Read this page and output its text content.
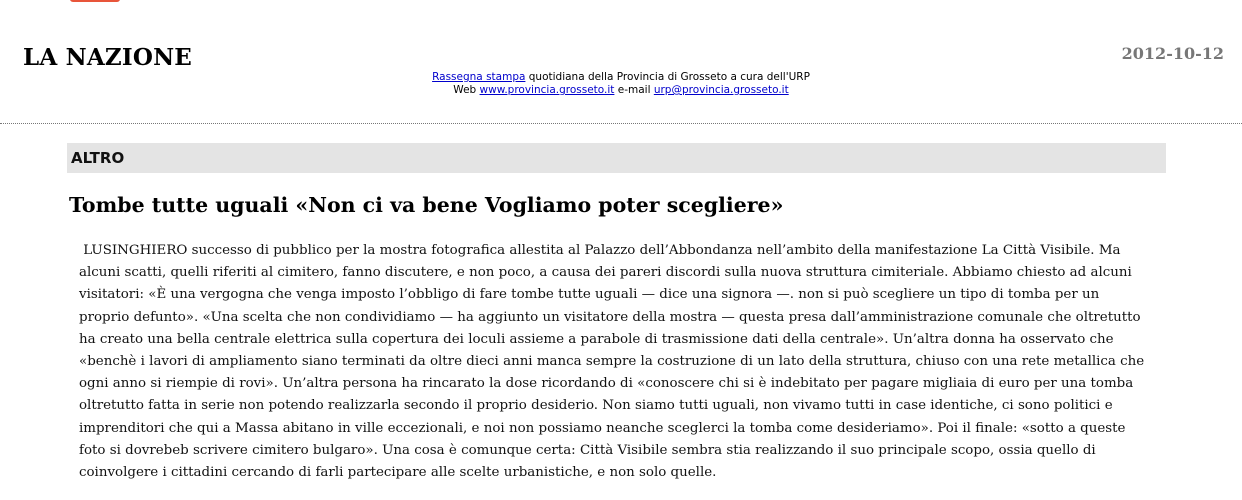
LA NAZIONE	2012-10-12
Rassegna stampa quotidiana della Provincia di Grosseto a cura dell'URP
Web www.provincia.grosseto.it e-mail urp@provincia.grosseto.it
ALTRO
Tombe tutte uguali «Non ci va bene Vogliamo poter scegliere»

LUSINGHIERO successo di pubblico per la mostra fotografica allestita al Palazzo dell’Abbondanza nell’ambito della manifestazione La Città Visibile. Ma alcuni scatti, quelli riferiti al cimitero, fanno discutere, e non poco, a causa dei pareri discordi sulla nuova struttura cimiteriale. Abbiamo chiesto ad alcuni visitatori: «È una vergogna che venga imposto l’obbligo di fare tombe tutte uguali — dice una signora —. non si può scegliere un tipo di tomba per un proprio defunto». «Una scelta che non condividiamo — ha aggiunto un visitatore della mostra — questa presa dall’amministrazione comunale che oltretutto ha creato una bella centrale elettrica sulla copertura dei loculi assieme a parabole di trasmissione dati della centrale». Un’altra donna ha osservato che «benchè i lavori di ampliamento siano terminati da oltre dieci anni manca sempre la costruzione di un lato della struttura, chiuso con una rete metallica che ogni anno si riempie di rovi». Un’altra persona ha rincarato la dose ricordando di «conoscere chi si è indebitato per pagare migliaia di euro per una tomba oltretutto fatta in serie non potendo realizzarla secondo il proprio desiderio. Non siamo tutti uguali, non vivamo tutti in case identiche, ci sono politici e imprenditori che qui a Massa abitano in ville eccezionali, e noi non possiamo neanche sceglerci la tomba come desideriamo». Poi il finale: «sotto a queste foto si dovrebeb scrivere cimitero bulgaro». Una cosa è comunque certa: Città Visibile sembra stia realizzando il suo principale scopo, ossia quello di coinvolgere i cittadini cercando di farli partecipare alle scelte urbanistiche, e non solo quelle.
